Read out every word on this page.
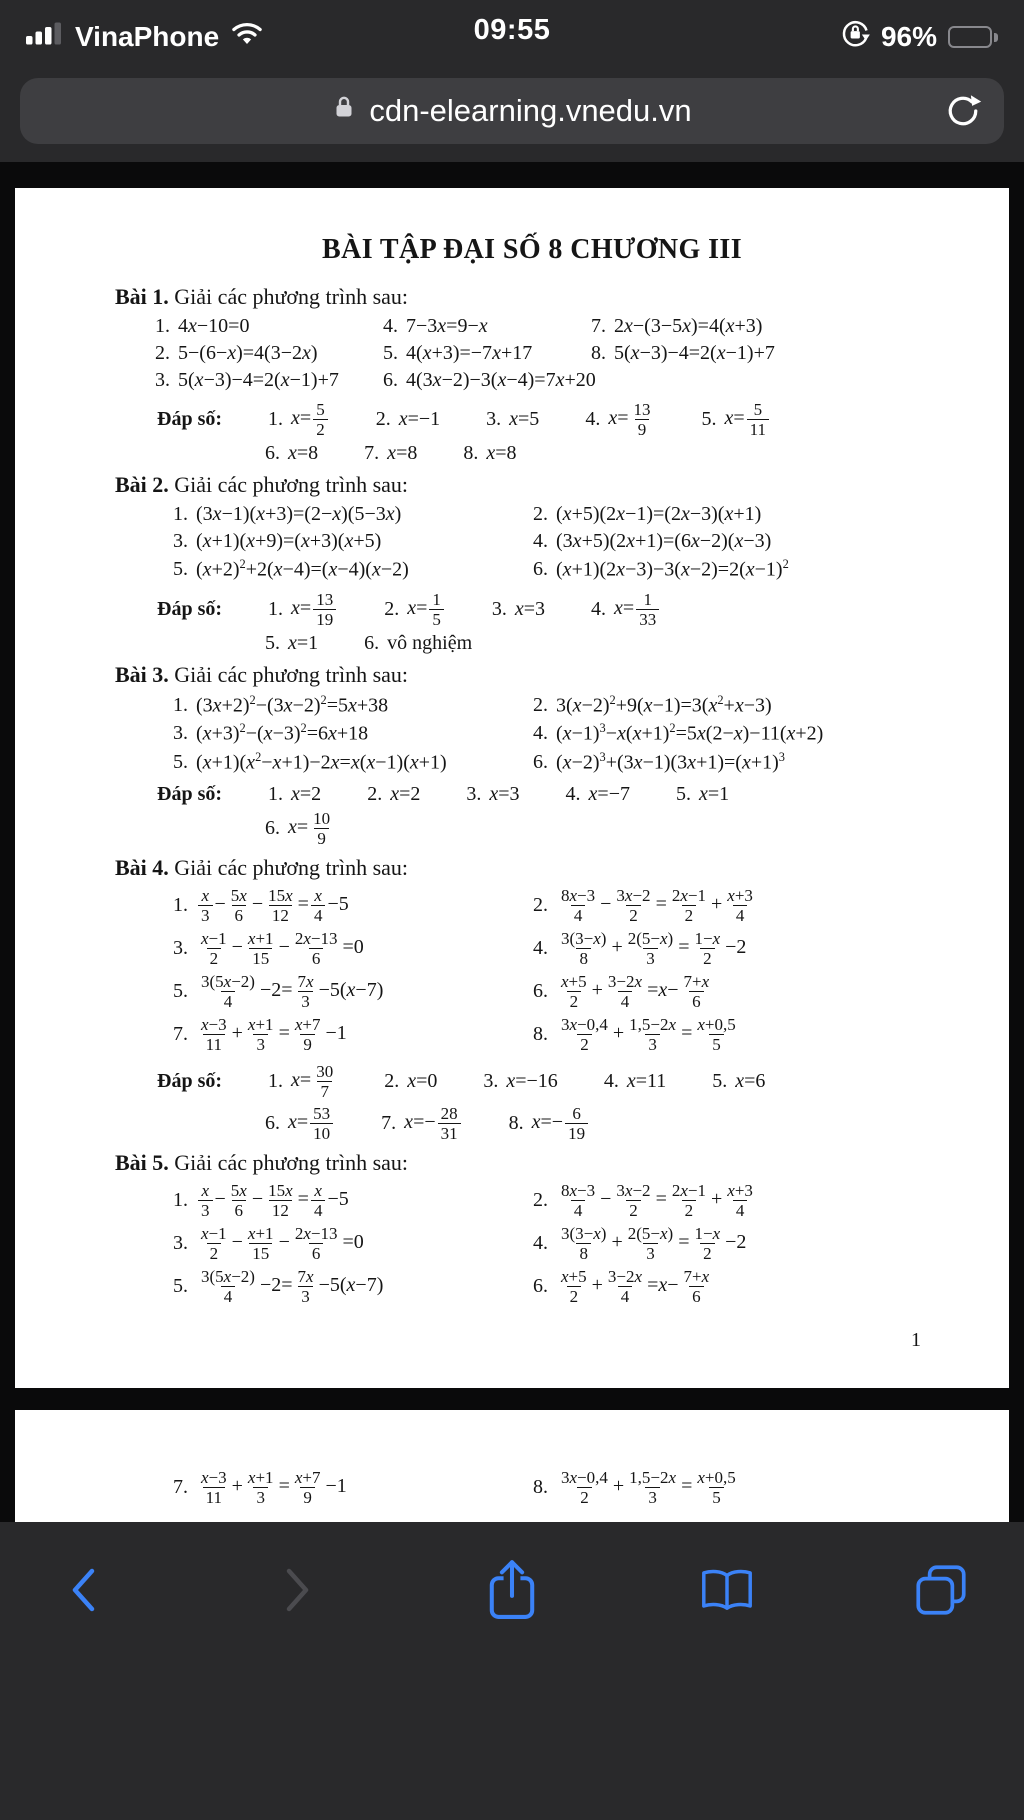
VinaPhone	09:55	96%
cdn-elearning.vnedu.vn
BÀI TẬP ĐẠI SỐ 8 CHƯƠNG III
Bài 1. Giải các phương trình sau:
1. 4x−10=0	4. 7−3x=9−x	7. 2x−(3−5x)=4(x+3)
2. 5−(6−x)=4(3−2x)	5. 4(x+3)=−7x+17	8. 5(x−3)−4=2(x−1)+7
3. 5(x−3)−4=2(x−1)+7 6. 4(3x−2)−3(x−4)=7x+20
Đáp số: 1. $x= \frac{5}{2} 2$. x=−1 3. x=5 4. $x= \frac{13}{9} 5$. $x= \frac{5}{11}$
6. x=8 7. x=8 8. x=8
Bài 2. Giải các phương trình sau:
1. (3x−1)(x+3)=(2−x)(5−3x)	2. (x+5)(2x−1)=(2x−3)(x+1)
3. (x+1)(x+9)=(x+3)(x+5)	4. (3x+5)(2x+1)=(6x−2)(x−3)
5. $(x+2)^2+2(x-4)=(x-4)(x-2)$	6. $(x+1)(2x-3)-3(x-2)=2(x-1)^2$
Đáp số: 1. $x= \frac{13}{19} 2$. $x= \frac{1}{5} 3$. x=3 4. $x= \frac{1}{33}$
5. x=1 6. vô nghiệm
Bài 3. Giải các phương trình sau:
1. $(3x+2)^2-(3x-2)^2=5x+38$	2. $3(x-2)^2+9(x-1)=3(x^2+x-3)$
3. $(x+3)^2-(x-3)^2=6x+18$	4. $(x-1)^3-x(x+1)^2=5x(2-x)-11(x+2)$
5. $(x+1)(x^2-x+1)-2x=x(x-1)(x+1)$	6. $(x-2)^3+(3x-1)(3x+1)=(x+1)^3$
Đáp số: 1. x=2 2. x=2 3. x=3 4. x=−7 5. x=1
6. $x= \frac{10}{9}$
Bài 4. Giải các phương trình sau:
1. $\frac{x}{3} - \frac{5x}{6} - \frac{15x}{12} = \frac{x}{4} -5$	2. $\frac{8x-3}{4} - \frac{3x-2}{2} = \frac{2x-1}{2} + \frac{x+3}{4}$
3. $\frac{x-1}{2} - \frac{x+1}{15} - \frac{2x-13}{6} =0$	4. $\frac{3(3-x)}{8} + \frac{2(5-x)}{3} = \frac{1-x}{2} -2$
5. $\frac{3(5x-2)}{4} -2= \frac{7x}{3} -5(x-7)$	6. $\frac{x+5}{2} + \frac{3-2x}{4} =x- \frac{7+x}{6}$
7. $\frac{x-3}{11} + \frac{x+1}{3} = \frac{x+7}{9} -1$	8. $\frac{3x-0,4}{2} + \frac{1,5-2x}{3} = \frac{x+0,5}{5}$
Đáp số: 1. $x= \frac{30}{7} 2$. x=0 3. x=−16 4. x=11 5. x=6
6. $x= \frac{53}{10} 7$. $x=- \frac{28}{31} 8$. $x=- \frac{6}{19}$
Bài 5. Giải các phương trình sau:
1. $\frac{x}{3} - \frac{5x}{6} - \frac{15x}{12} = \frac{x}{4} -5$	2. $\frac{8x-3}{4} - \frac{3x-2}{2} = \frac{2x-1}{2} + \frac{x+3}{4}$
3. $\frac{x-1}{2} - \frac{x+1}{15} - \frac{2x-13}{6} =0$	4. $\frac{3(3-x)}{8} + \frac{2(5-x)}{3} = \frac{1-x}{2} -2$
5. $\frac{3(5x-2)}{4} -2= \frac{7x}{3} -5(x-7)$	6. $\frac{x+5}{2} + \frac{3-2x}{4} =x- \frac{7+x}{6}$
1
7. $\frac{x-3}{11} + \frac{x+1}{3} = \frac{x+7}{9} -1$	8. $\frac{3x-0,4}{2} + \frac{1,5-2x}{3} = \frac{x+0,5}{5}$
